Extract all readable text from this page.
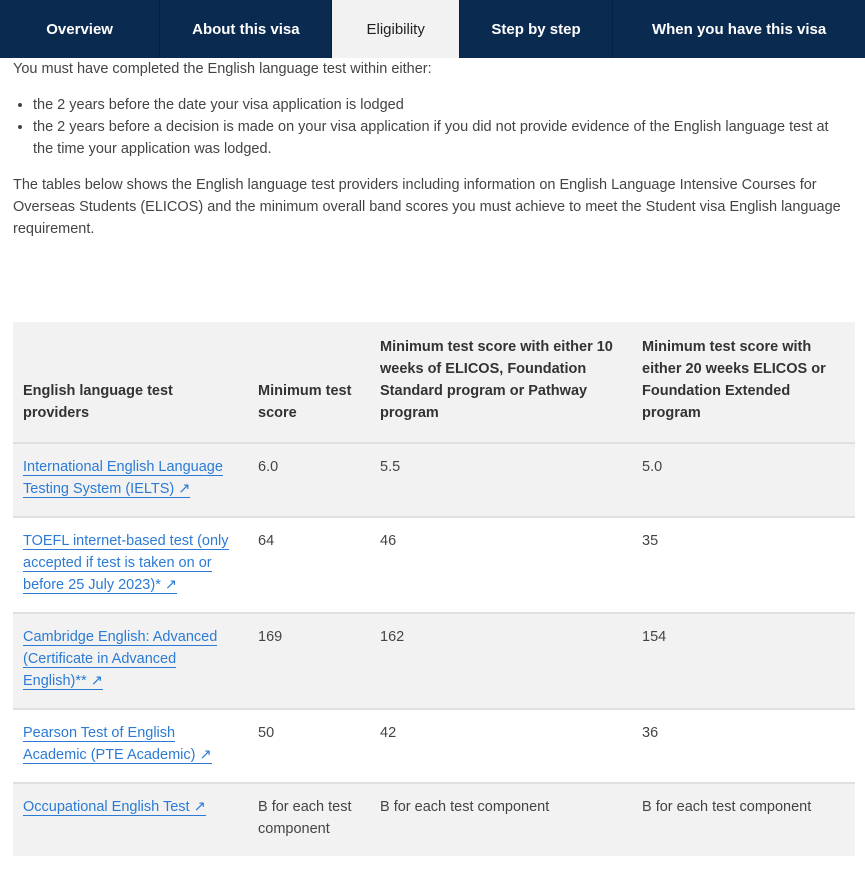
Overview	About this visa	Eligibility	Step by step	When you have this visa

You must have completed the English language test within either:

• the 2 years before the date your visa application is lodged
• the 2 years before a decision is made on your visa application if you did not provide evidence of the English language test at the time your application was lodged.

The tables below shows the English language test providers including information on English Language Intensive Courses for Overseas Students (ELICOS) and the minimum overall band scores you must achieve to meet the Student visa English language requirement.

English language test providers	Minimum test score	Minimum test score with either 10 weeks of ELICOS, Foundation Standard program or Pathway program	Minimum test score with either 20 weeks ELICOS or Foundation Extended program
International English Language Testing System (IELTS) ↗	6.0	5.5	5.0
TOEFL internet-based test (only accepted if test is taken on or before 25 July 2023)* ↗	64	46	35
Cambridge English: Advanced (Certificate in Advanced English)** ↗	169	162	154
Pearson Test of English Academic (PTE Academic) ↗	50	42	36
Occupational English Test ↗	B for each test component	B for each test component	B for each test component
